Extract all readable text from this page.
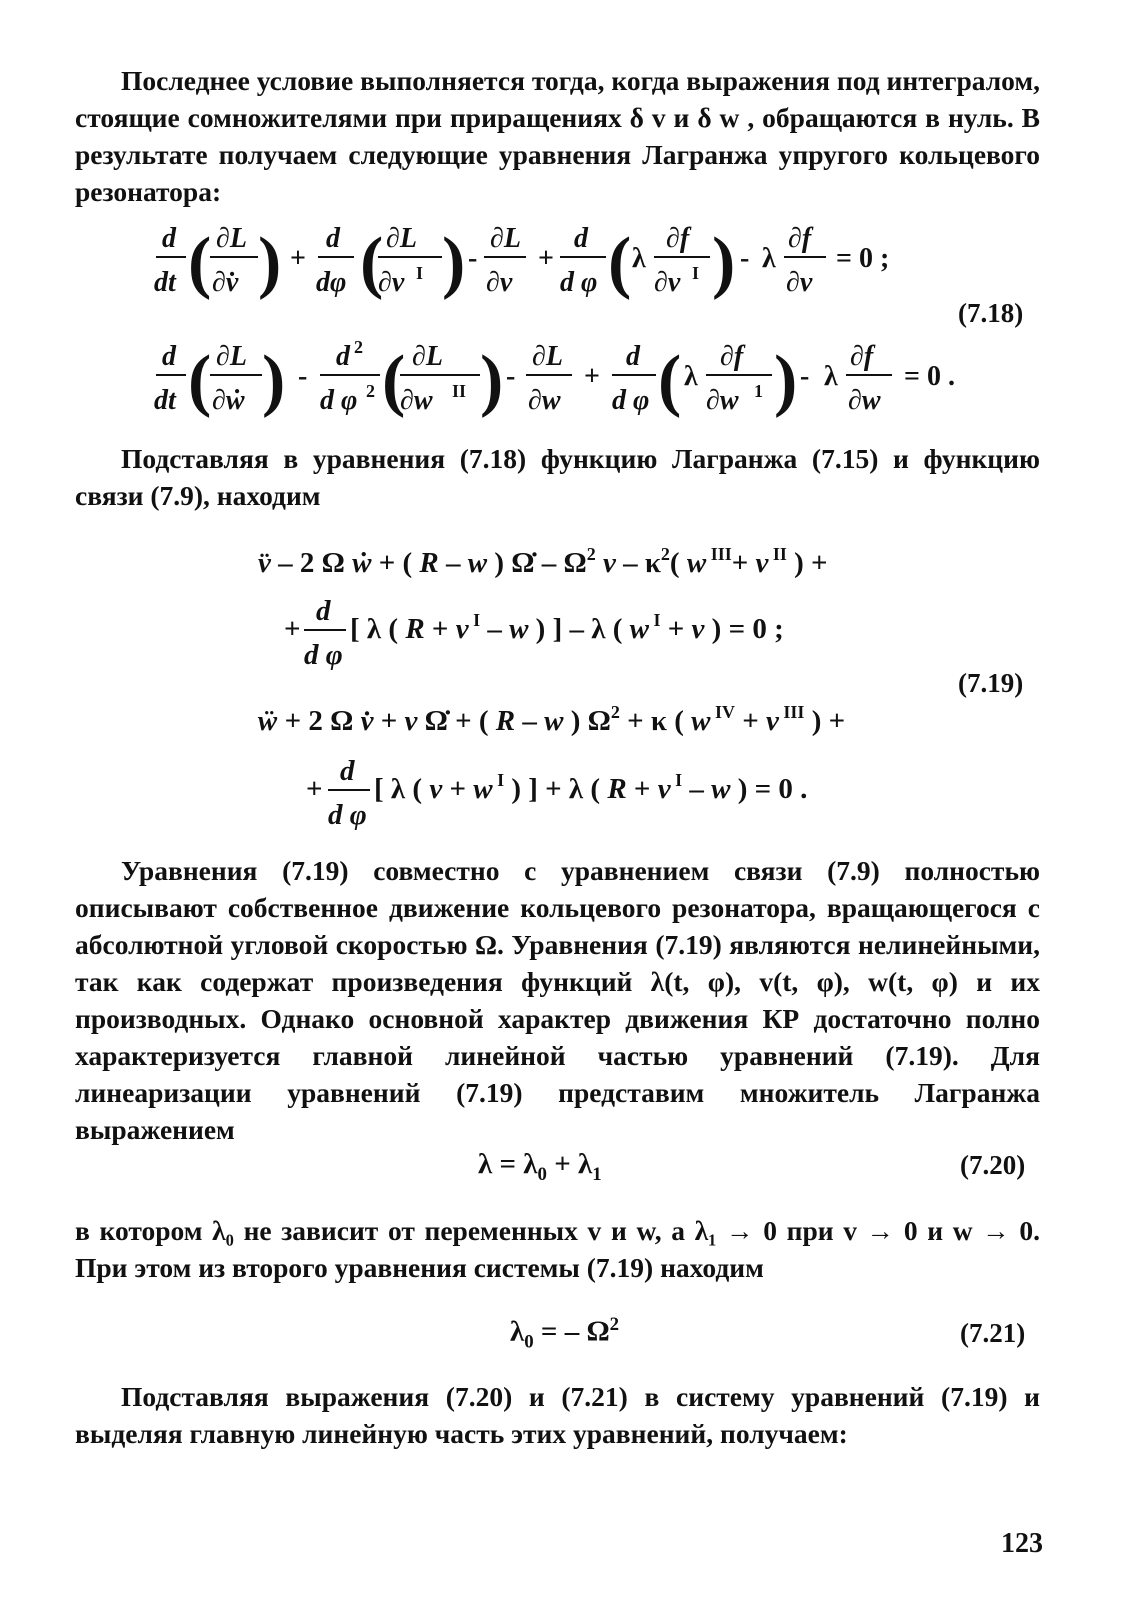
Последнее условие выполняется тогда, когда выражения под интегралом, стоящие сомножителями при приращениях δ v и δ w , обращаются в нуль. В результате получаем следующие уравнения Лагранжа упругого кольцевого резонатора:
d
dt ( ∂L
∂v̇ ) +
d
dφ ( ∂L
∂v I ) -
∂L
∂v
+
d
d φ ( λ
∂f
∂v I ) - λ
∂f
∂v
= 0 ;
d
dt ( ∂L
∂ẇ ) -
d 2
d φ 2 ( ∂L
∂w II ) -
∂L
∂w
+
d
d φ ( λ
∂f
∂w 1 ) - λ
∂f
∂w
= 0 .
(7.18)
Подставляя в уравнения (7.18) функцию Лагранжа (7.15) и функцию связи (7.9), находим
v̈ – 2 Ω ẇ + ( R – w ) Ω̇ – $\Omega^2$ v – $\kappa^2$( w $^{III}$+ v $^{II}$ ) +
+
d
d φ
[ λ ( R + v $^I$ – w ) ] – λ ( w $^I$ + v ) = 0 ;
ẅ + 2 Ω v̇ + v Ω̇ + ( R – w ) $\Omega^2 + \kappa$ ( w $^{IV}$ + v $^{III}$ ) +
+
d
d φ
[ λ ( v + w $^I$ ) ] + λ ( R + v $^I$ – w ) = 0 .
(7.19)
Уравнения (7.19) совместно с уравнением связи (7.9) полностью описывают собственное движение кольцевого резонатора, вращающегося с абсолютной угловой скоростью Ω. Уравнения (7.19) являются нелинейными, так как содержат произведения функций λ(t, φ), v(t, φ), w(t, φ) и их производных. Однако основной характер движения КР достаточно полно характеризуется главной линейной частью уравнений (7.19). Для линеаризации уравнений (7.19) представим множитель Лагранжа выражением
$\lambda = \lambda_0 + \lambda_1$	(7.20)
в котором λ₀ не зависит от переменных v и w, а λ₁ → 0 при v → 0 и w → 0. При этом из второго уравнения системы (7.19) находим
$\lambda_0$ = – $\Omega^2$	(7.21)
Подставляя выражения (7.20) и (7.21) в систему уравнений (7.19) и выделяя главную линейную часть этих уравнений, получаем:
123
